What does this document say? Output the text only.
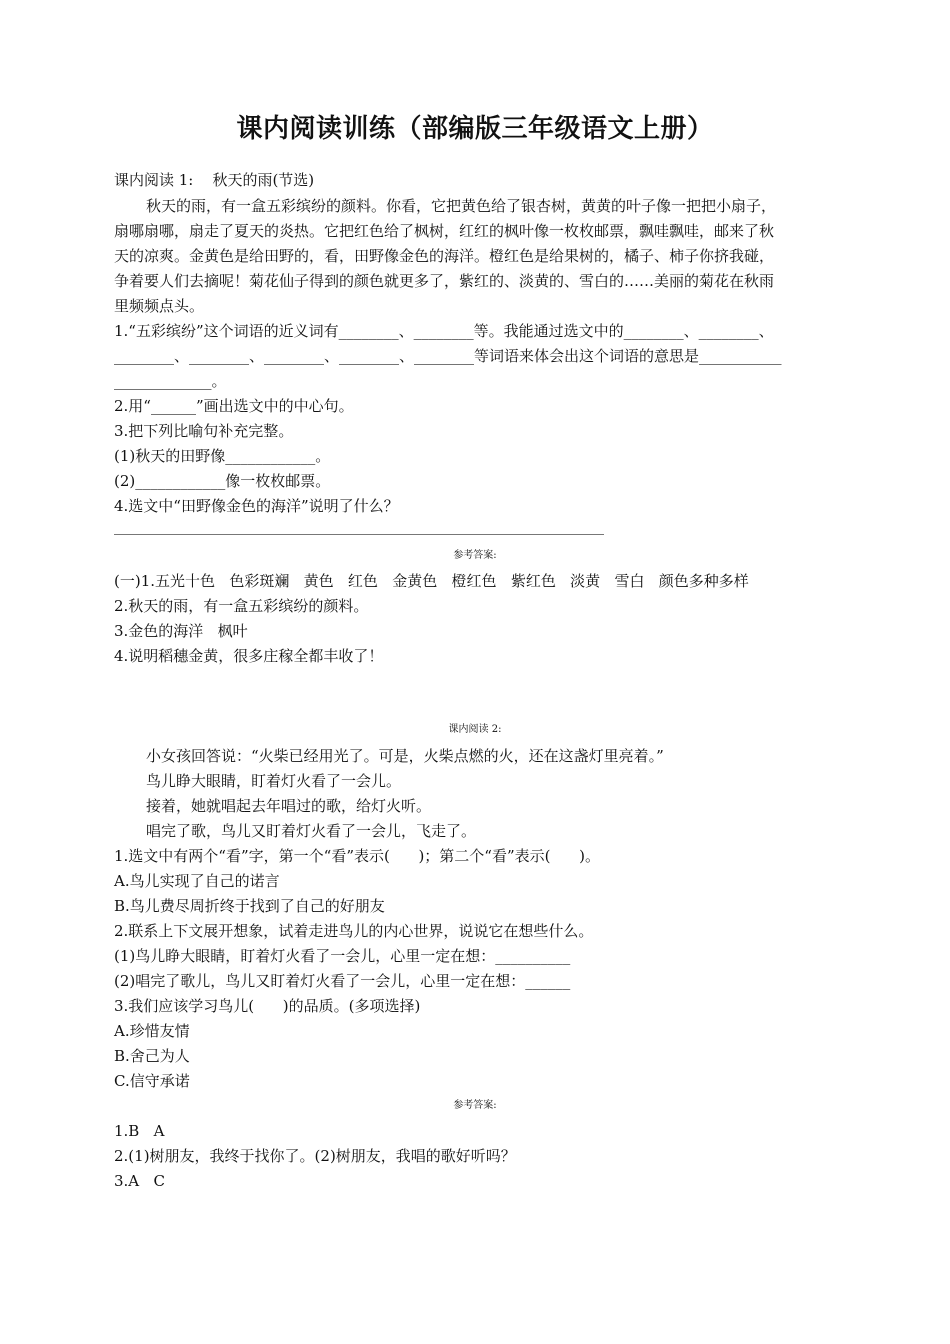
课内阅读训练（部编版三年级语文上册）
课内阅读 1:    秋天的雨(节选)
秋天的雨，有一盒五彩缤纷的颜料。你看，它把黄色给了银杏树，黄黄的叶子像一把把小扇子，
扇哪扇哪，扇走了夏天的炎热。它把红色给了枫树，红红的枫叶像一枚枚邮票，飘哇飘哇，邮来了秋
天的凉爽。金黄色是给田野的，看，田野像金色的海洋。橙红色是给果树的，橘子、柿子你挤我碰，
争着要人们去摘呢！菊花仙子得到的颜色就更多了，紫红的、淡黄的、雪白的……美丽的菊花在秋雨
里频频点头。
1.“五彩缤纷”这个词语的近义词有________、________等。我能通过选文中的________、________、
________、________、________、________、________等词语来体会出这个词语的意思是___________
_____________。
2.用“______”画出选文中的中心句。
3.把下列比喻句补充完整。
(1)秋天的田野像____________。
(2)____________像一枚枚邮票。
4.选文中“田野像金色的海洋”说明了什么？
参考答案:
(一)1.五光十色   色彩斑斓   黄色   红色   金黄色   橙红色   紫红色   淡黄   雪白   颜色多种多样
2.秋天的雨，有一盒五彩缤纷的颜料。
3.金色的海洋   枫叶
4.说明稻穗金黄，很多庄稼全都丰收了！
课内阅读 2:
小女孩回答说：“火柴已经用光了。可是，火柴点燃的火，还在这盏灯里亮着。”
鸟儿睁大眼睛，盯着灯火看了一会儿。
接着，她就唱起去年唱过的歌，给灯火听。
唱完了歌，鸟儿又盯着灯火看了一会儿，飞走了。
1.选文中有两个“看”字，第一个“看”表示(      )；第二个“看”表示(      )。
A.鸟儿实现了自己的诺言
B.鸟儿费尽周折终于找到了自己的好朋友
2.联系上下文展开想象，试着走进鸟儿的内心世界，说说它在想些什么。
(1)鸟儿睁大眼睛，盯着灯火看了一会儿，心里一定在想：__________
(2)唱完了歌儿，鸟儿又盯着灯火看了一会儿，心里一定在想：______
3.我们应该学习鸟儿(      )的品质。(多项选择)
A.珍惜友情
B.舍己为人
C.信守承诺
参考答案:
1.B   A
2.(1)树朋友，我终于找你了。(2)树朋友，我唱的歌好听吗？
3.A   C
